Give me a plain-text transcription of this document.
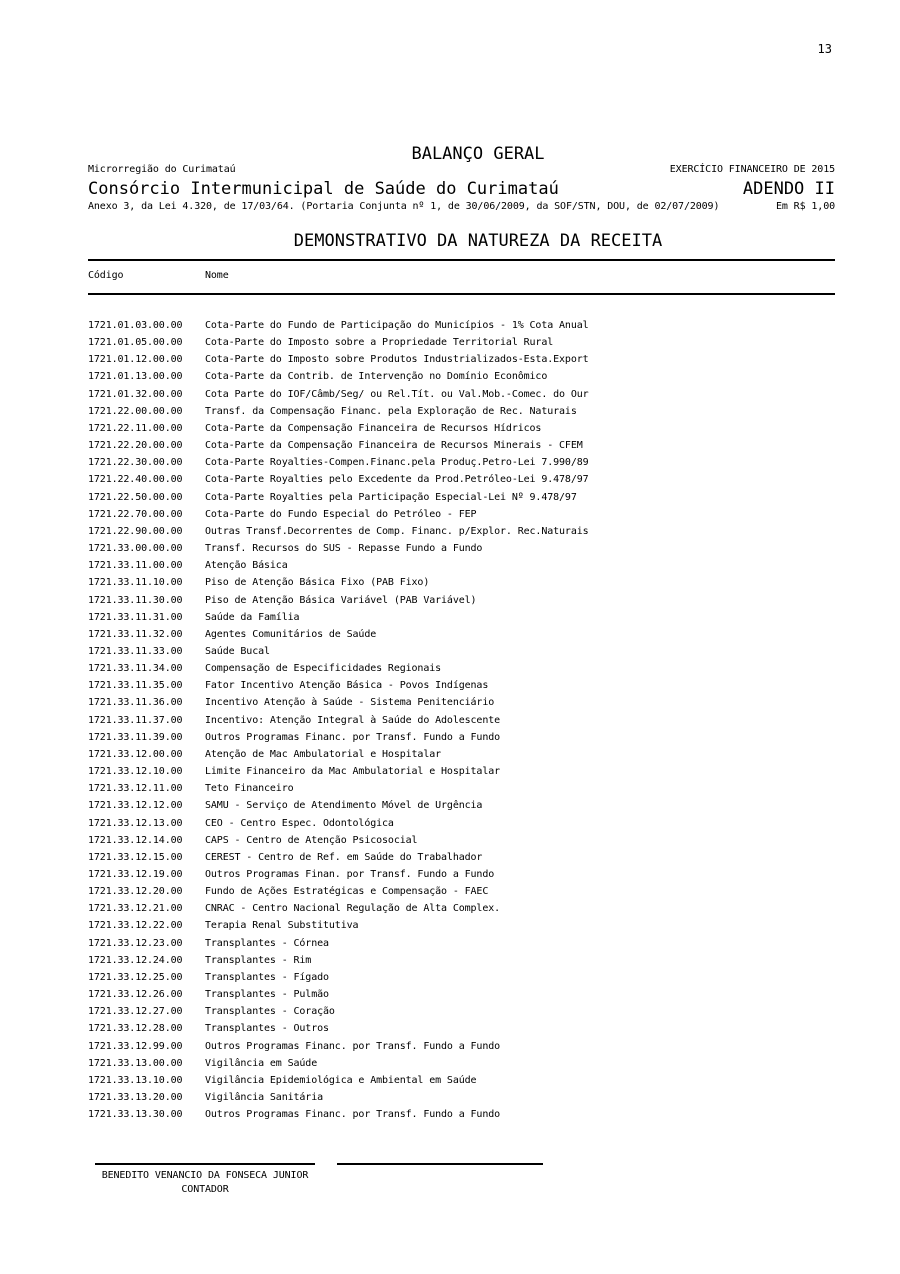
13
BALANÇO GERAL
Microrregião do Curimataú	EXERCÍCIO FINANCEIRO DE 2015
Consórcio Intermunicipal de Saúde do Curimataú	ADENDO II
Anexo 3, da Lei 4.320, de 17/03/64. (Portaria Conjunta nº 1, de 30/06/2009, da SOF/STN, DOU, de 02/07/2009)	Em R$ 1,00
DEMONSTRATIVO DA NATUREZA DA RECEITA
Código	Nome
1721.01.03.00.00 Cota-Parte do Fundo de Participação do Municípios - 1% Cota Anual
1721.01.05.00.00 Cota-Parte do Imposto sobre a Propriedade Territorial Rural
1721.01.12.00.00 Cota-Parte do Imposto sobre Produtos Industrializados-Esta.Export
1721.01.13.00.00 Cota-Parte da Contrib. de Intervenção no Domínio Econômico
1721.01.32.00.00 Cota Parte do IOF/Câmb/Seg/ ou Rel.Tít. ou Val.Mob.-Comec. do Our
1721.22.00.00.00 Transf. da Compensação Financ. pela Exploração de Rec. Naturais
1721.22.11.00.00 Cota-Parte da Compensação Financeira de Recursos Hídricos
1721.22.20.00.00 Cota-Parte da Compensação Financeira de Recursos Minerais - CFEM
1721.22.30.00.00 Cota-Parte Royalties-Compen.Financ.pela Produç.Petro-Lei 7.990/89
1721.22.40.00.00 Cota-Parte Royalties pelo Excedente da Prod.Petróleo-Lei 9.478/97
1721.22.50.00.00 Cota-Parte Royalties pela Participação Especial-Lei Nº 9.478/97
1721.22.70.00.00 Cota-Parte do Fundo Especial do Petróleo - FEP
1721.22.90.00.00 Outras Transf.Decorrentes de Comp. Financ. p/Explor. Rec.Naturais
1721.33.00.00.00 Transf. Recursos do SUS - Repasse Fundo a Fundo
1721.33.11.00.00 Atenção Básica
1721.33.11.10.00 Piso de Atenção Básica Fixo (PAB Fixo)
1721.33.11.30.00 Piso de Atenção Básica Variável (PAB Variável)
1721.33.11.31.00 Saúde da Família
1721.33.11.32.00 Agentes Comunitários de Saúde
1721.33.11.33.00 Saúde Bucal
1721.33.11.34.00 Compensação de Especificidades Regionais
1721.33.11.35.00 Fator Incentivo Atenção Básica - Povos Indígenas
1721.33.11.36.00 Incentivo Atenção à Saúde - Sistema Penitenciário
1721.33.11.37.00 Incentivo: Atenção Integral à Saúde do Adolescente
1721.33.11.39.00 Outros Programas Financ. por Transf. Fundo a Fundo
1721.33.12.00.00 Atenção de Mac Ambulatorial e Hospitalar
1721.33.12.10.00 Limite Financeiro da Mac Ambulatorial e Hospitalar
1721.33.12.11.00 Teto Financeiro
1721.33.12.12.00 SAMU - Serviço de Atendimento Móvel de Urgência
1721.33.12.13.00 CEO - Centro Espec. Odontológica
1721.33.12.14.00 CAPS - Centro de Atenção Psicosocial
1721.33.12.15.00 CEREST - Centro de Ref. em Saúde do Trabalhador
1721.33.12.19.00 Outros Programas Finan. por Transf. Fundo a Fundo
1721.33.12.20.00 Fundo de Ações Estratégicas e Compensação - FAEC
1721.33.12.21.00 CNRAC - Centro Nacional Regulação de Alta Complex.
1721.33.12.22.00 Terapia Renal Substitutiva
1721.33.12.23.00 Transplantes - Córnea
1721.33.12.24.00 Transplantes - Rim
1721.33.12.25.00 Transplantes - Fígado
1721.33.12.26.00 Transplantes - Pulmão
1721.33.12.27.00 Transplantes - Coração
1721.33.12.28.00 Transplantes - Outros
1721.33.12.99.00 Outros Programas Financ. por Transf. Fundo a Fundo
1721.33.13.00.00 Vigilância em Saúde
1721.33.13.10.00 Vigilância Epidemiológica e Ambiental em Saúde
1721.33.13.20.00 Vigilância Sanitária
1721.33.13.30.00 Outros Programas Financ. por Transf. Fundo a Fundo
BENEDITO VENANCIO DA FONSECA JUNIOR
CONTADOR
